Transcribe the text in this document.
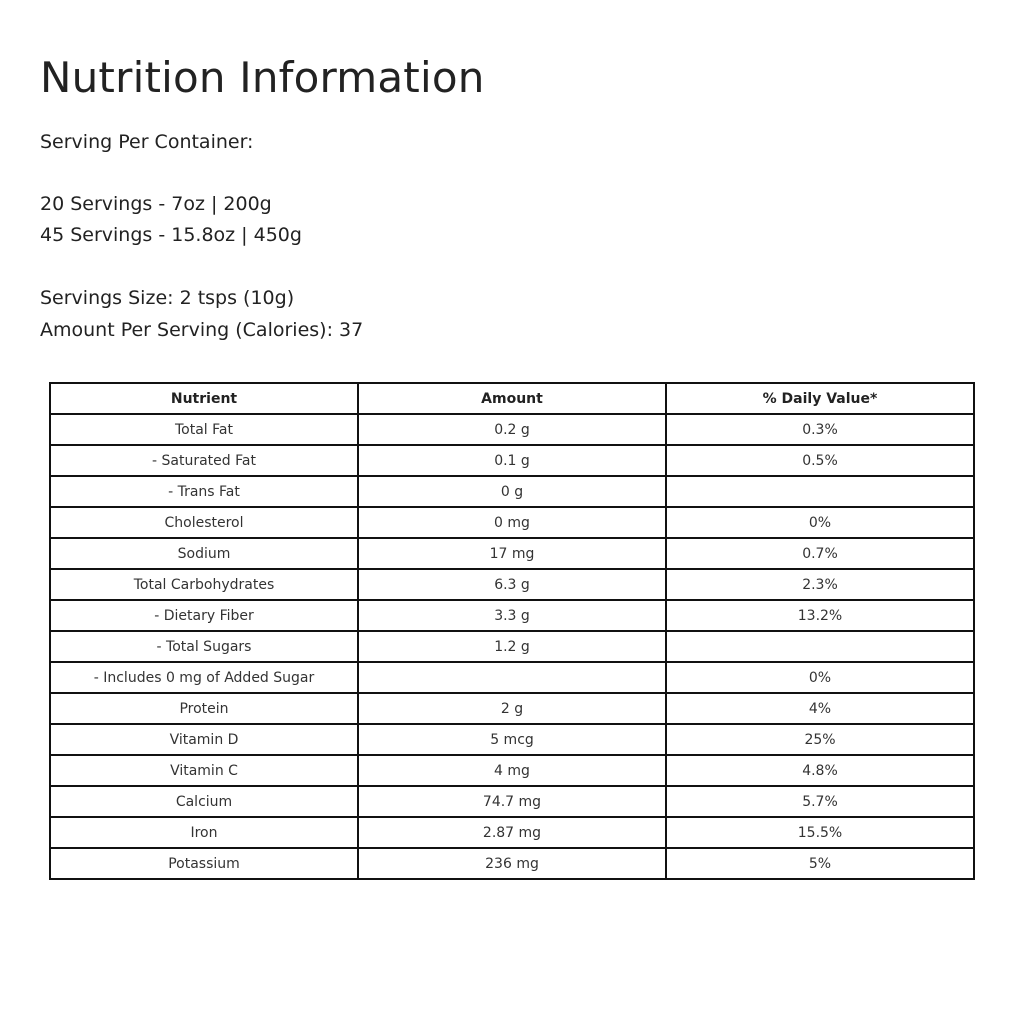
Nutrition Information
Serving Per Container:
20 Servings - 7oz | 200g
45 Servings - 15.8oz | 450g
Servings Size: 2 tsps (10g)
Amount Per Serving (Calories): 37
Nutrient	Amount	% Daily Value*
Total Fat	0.2 g	0.3%
- Saturated Fat	0.1 g	0.5%
- Trans Fat	0 g	
Cholesterol	0 mg	0%
Sodium	17 mg	0.7%
Total Carbohydrates	6.3 g	2.3%
- Dietary Fiber	3.3 g	13.2%
- Total Sugars	1.2 g	
- Includes 0 mg of Added Sugar		0%
Protein	2 g	4%
Vitamin D	5 mcg	25%
Vitamin C	4 mg	4.8%
Calcium	74.7 mg	5.7%
Iron	2.87 mg	15.5%
Potassium	236 mg	5%
